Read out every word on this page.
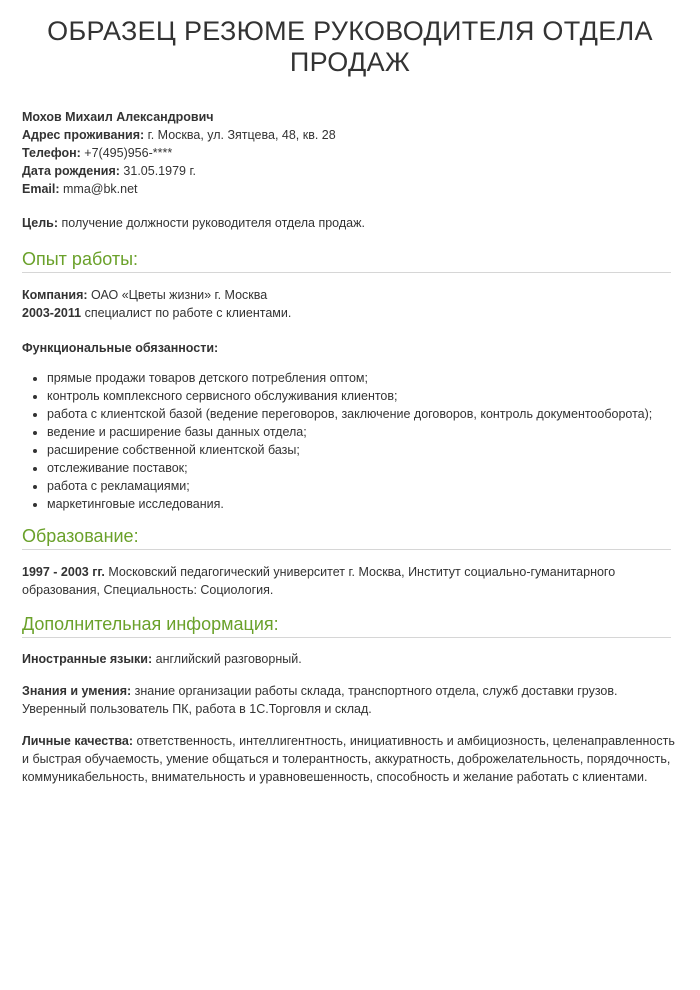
ОБРАЗЕЦ РЕЗЮМЕ РУКОВОДИТЕЛЯ ОТДЕЛА ПРОДАЖ
Мохов Михаил Александрович
Адрес проживания: г. Москва, ул. Зятцева, 48, кв. 28
Телефон: +7(495)956-****
Дата рождения: 31.05.1979 г.
Email: mma@bk.net
Цель: получение должности руководителя отдела продаж.
Опыт работы:
Компания: ОАО «Цветы жизни» г. Москва
2003-2011 специалист по работе с клиентами.
Функциональные обязанности:
• прямые продажи товаров детского потребления оптом;
• контроль комплексного сервисного обслуживания клиентов;
• работа с клиентской базой (ведение переговоров, заключение договоров, контроль документооборота);
• ведение и расширение базы данных отдела;
• расширение собственной клиентской базы;
• отслеживание поставок;
• работа с рекламациями;
• маркетинговые исследования.
Образование:
1997 - 2003 гг. Московский педагогический университет г. Москва, Институт социально-гуманитарного образования, Специальность: Социология.
Дополнительная информация:
Иностранные языки: английский разговорный.
Знания и умения: знание организации работы склада, транспортного отдела, служб доставки грузов. Уверенный пользователь ПК, работа в 1С.Торговля и склад.
Личные качества: ответственность, интеллигентность, инициативность и амбициозность, целенаправленность и быстрая обучаемость, умение общаться и толерантность, аккуратность, доброжелательность, порядочность, коммуникабельность, внимательность и уравновешенность, способность и желание работать с клиентами.
